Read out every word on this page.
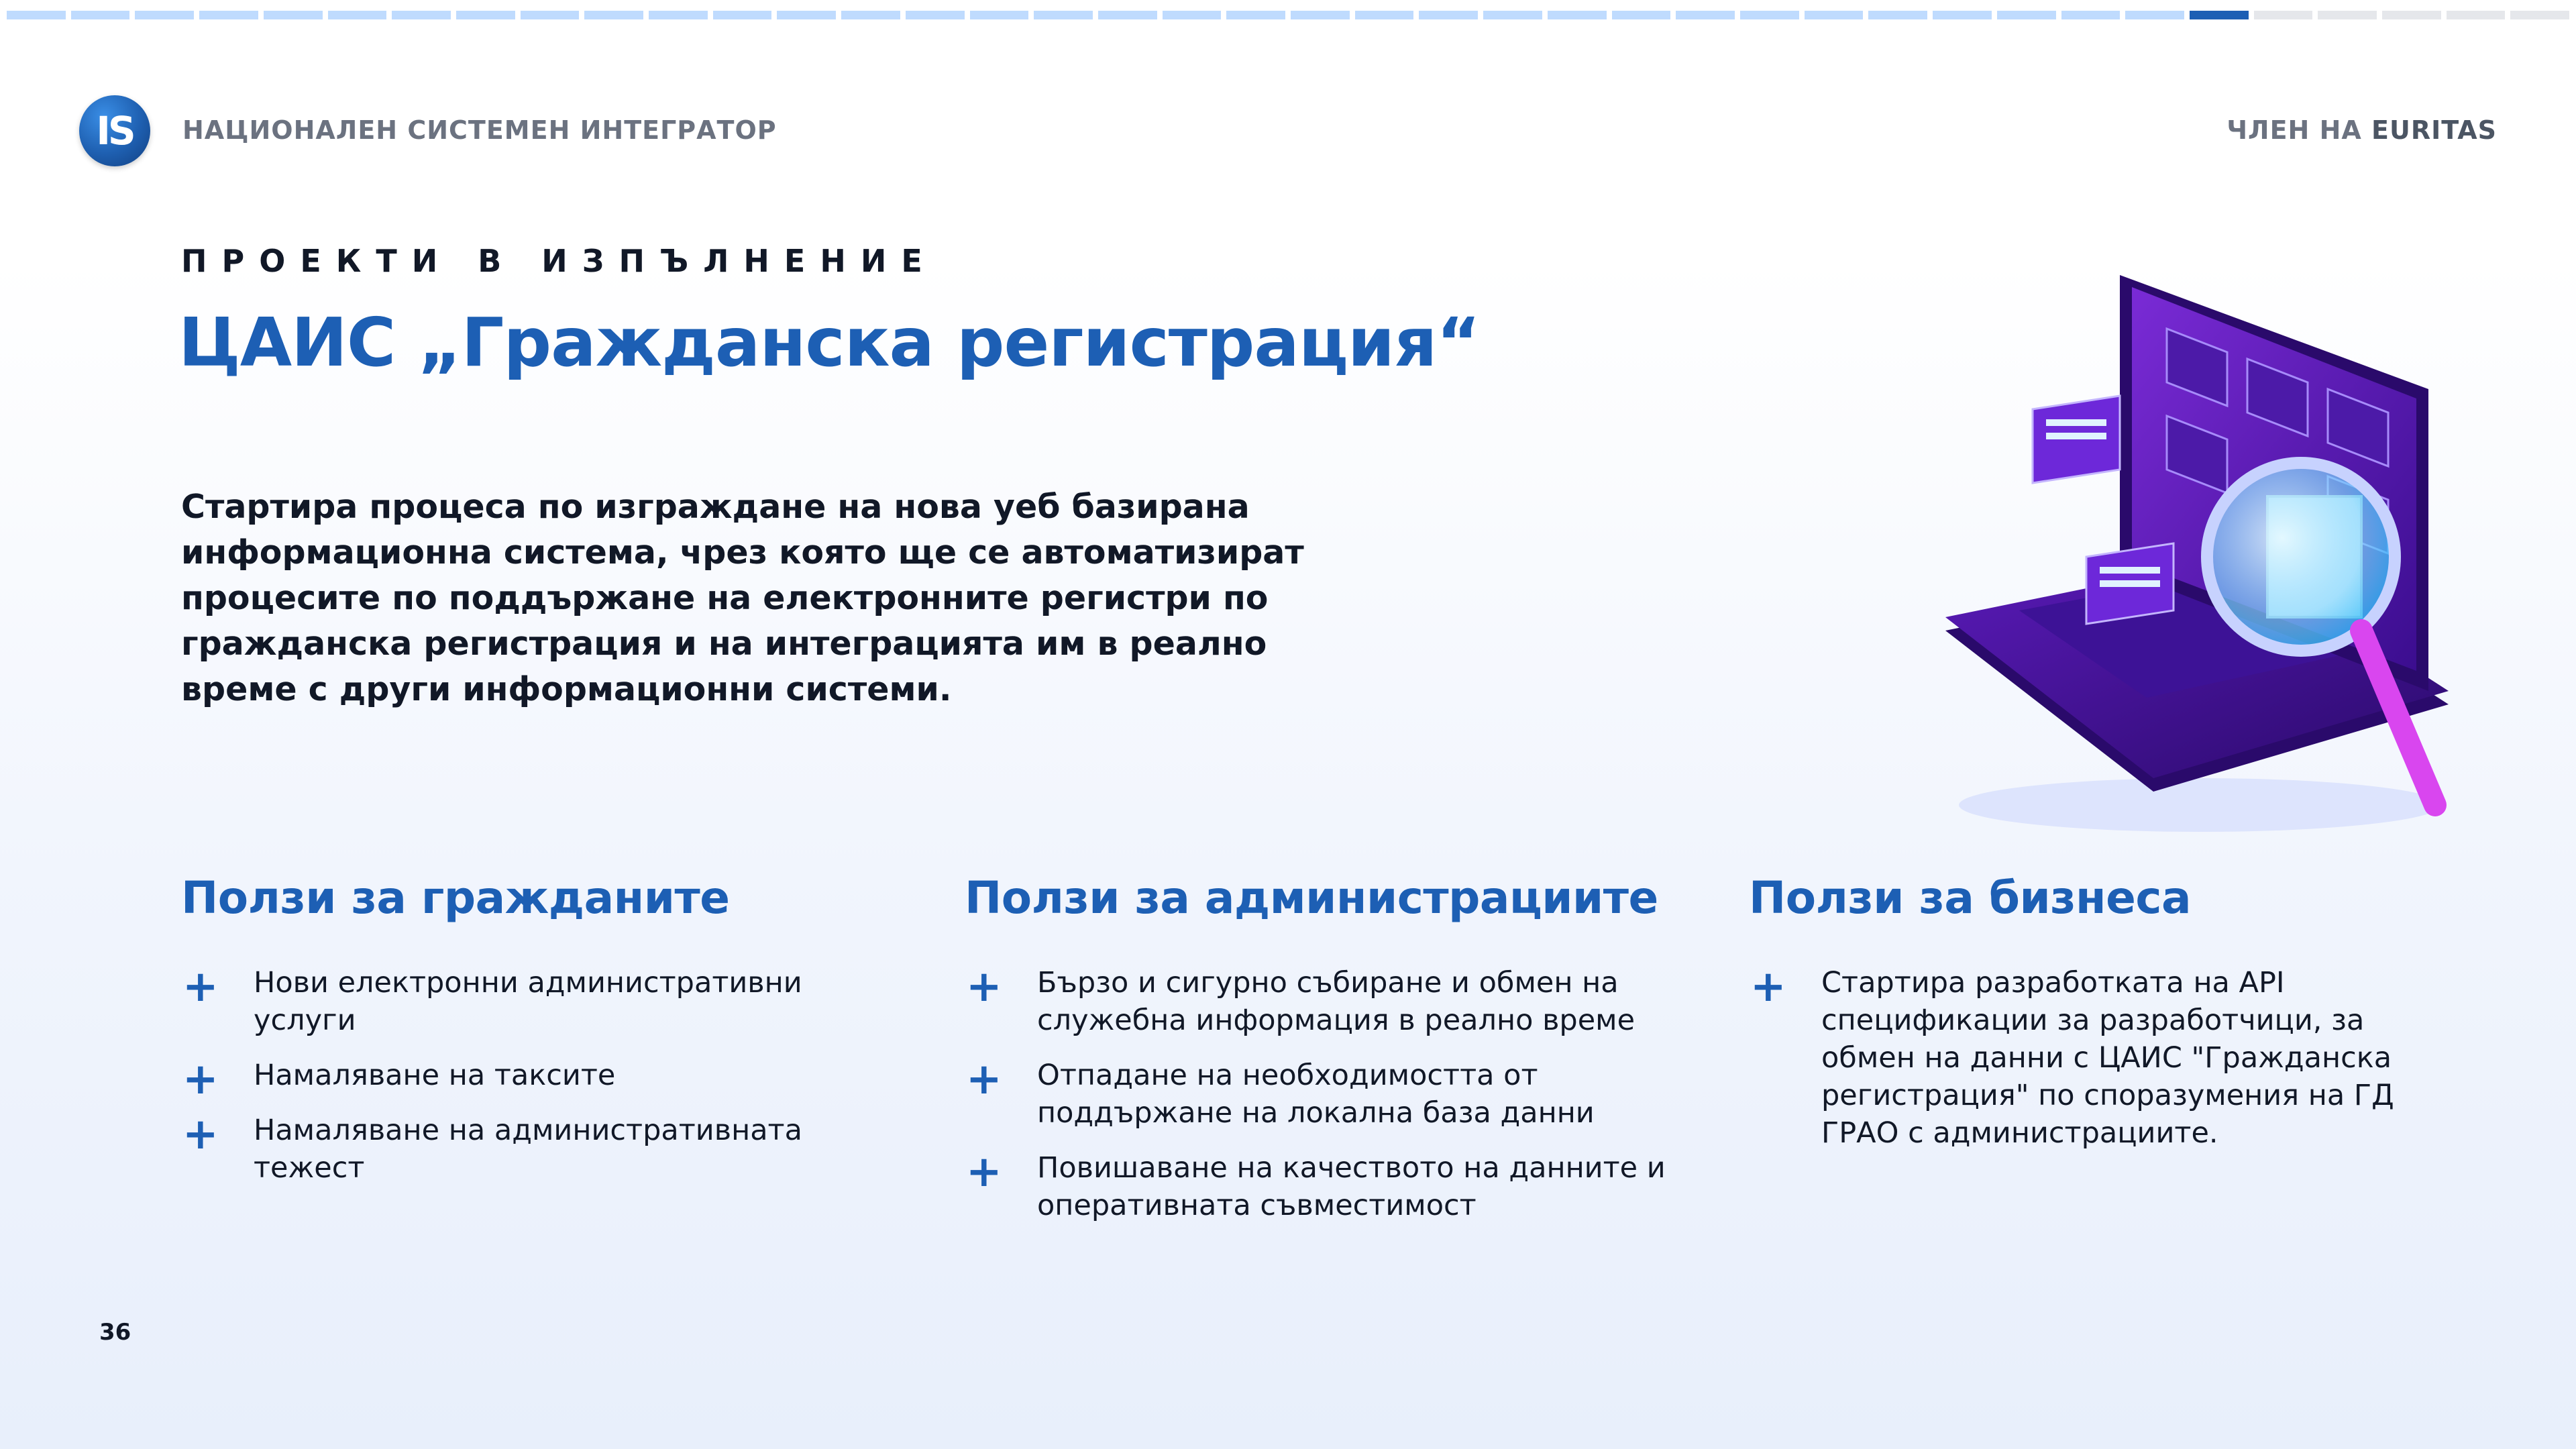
IS	НАЦИОНАЛЕН СИСТЕМЕН ИНТЕГРАТОР	ЧЛЕН НА EURITAS
ПРОЕКТИ В ИЗПЪЛНЕНИЕ
ЦАИС „Гражданска регистрация“
Стартира процеса по изграждане на нова уеб базирана информационна система, чрез която ще се автоматизират процесите по поддържане на електронните регистри по гражданска регистрация и на интеграцията им в реално време с други информационни системи.
Ползи за гражданите
+ Нови електронни административни услуги
+ Намаляване на таксите
+ Намаляване на административната тежест
Ползи за администрациите
+ Бързо и сигурно събиране и обмен на служебна информация в реално време
+ Отпадане на необходимостта от поддържане на локална база данни
+ Повишаване на качеството на данните и оперативната съвместимост
Ползи за бизнеса
+ Стартира разработката на API спецификации за разработчици, за обмен на данни с ЦАИС "Гражданска регистрация" по споразумения на ГД ГРАО с администрациите.
36
